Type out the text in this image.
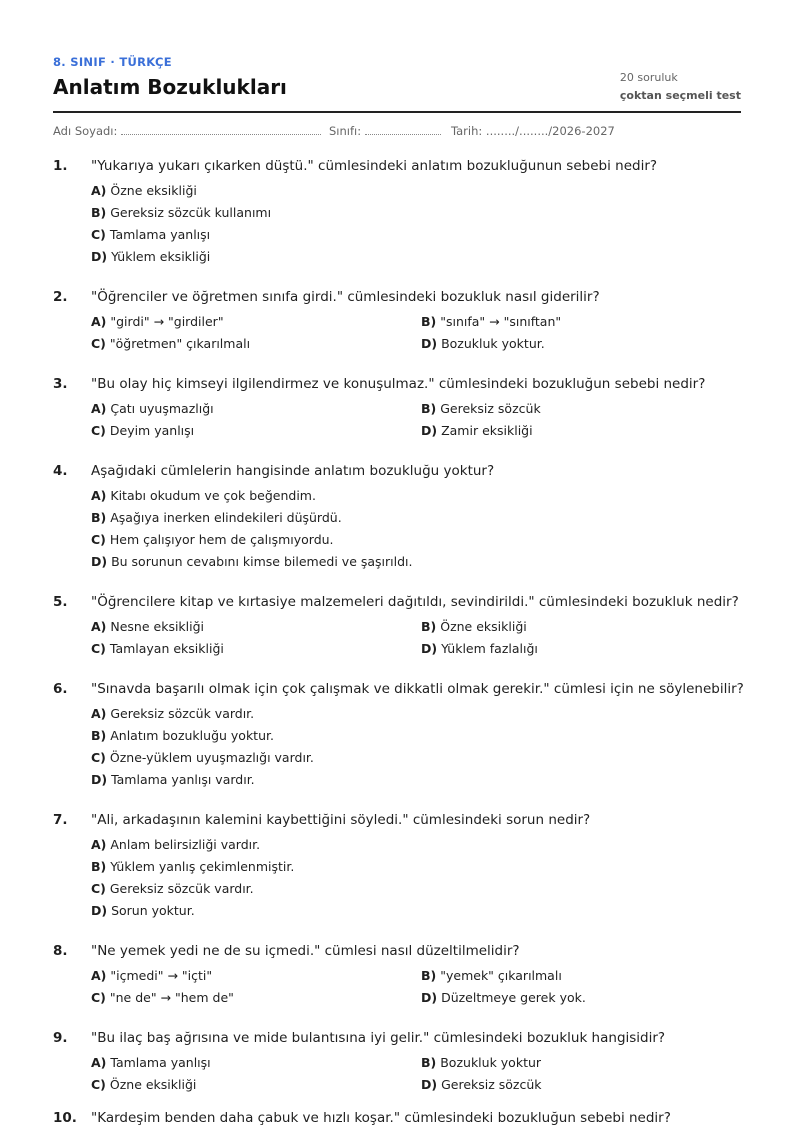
8. SINIF · TÜRKÇE
Anlatım Bozuklukları	20 soruluk
çoktan seçmeli test
Adı Soyadı:	Sınıfı:	Tarih: ......../......../2026-2027
1. "Yukarıya yukarı çıkarken düştü." cümlesindeki anlatım bozukluğunun sebebi nedir?
A) Özne eksikliği
B) Gereksiz sözcük kullanımı
C) Tamlama yanlışı
D) Yüklem eksikliği
2. "Öğrenciler ve öğretmen sınıfa girdi." cümlesindeki bozukluk nasıl giderilir?
A) "girdi" → "girdiler"	B) "sınıfa" → "sınıftan"
C) "öğretmen" çıkarılmalı	D) Bozukluk yoktur.
3. "Bu olay hiç kimseyi ilgilendirmez ve konuşulmaz." cümlesindeki bozukluğun sebebi nedir?
A) Çatı uyuşmazlığı	B) Gereksiz sözcük
C) Deyim yanlışı	D) Zamir eksikliği
4. Aşağıdaki cümlelerin hangisinde anlatım bozukluğu yoktur?
A) Kitabı okudum ve çok beğendim.
B) Aşağıya inerken elindekileri düşürdü.
C) Hem çalışıyor hem de çalışmıyordu.
D) Bu sorunun cevabını kimse bilemedi ve şaşırıldı.
5. "Öğrencilere kitap ve kırtasiye malzemeleri dağıtıldı, sevindirildi." cümlesindeki bozukluk nedir?
A) Nesne eksikliği	B) Özne eksikliği
C) Tamlayan eksikliği	D) Yüklem fazlalığı
6. "Sınavda başarılı olmak için çok çalışmak ve dikkatli olmak gerekir." cümlesi için ne söylenebilir?
A) Gereksiz sözcük vardır.
B) Anlatım bozukluğu yoktur.
C) Özne-yüklem uyuşmazlığı vardır.
D) Tamlama yanlışı vardır.
7. "Ali, arkadaşının kalemini kaybettiğini söyledi." cümlesindeki sorun nedir?
A) Anlam belirsizliği vardır.
B) Yüklem yanlış çekimlenmiştir.
C) Gereksiz sözcük vardır.
D) Sorun yoktur.
8. "Ne yemek yedi ne de su içmedi." cümlesi nasıl düzeltilmelidir?
A) "içmedi" → "içti"	B) "yemek" çıkarılmalı
C) "ne de" → "hem de"	D) Düzeltmeye gerek yok.
9. "Bu ilaç baş ağrısına ve mide bulantısına iyi gelir." cümlesindeki bozukluk hangisidir?
A) Tamlama yanlışı	B) Bozukluk yoktur
C) Özne eksikliği	D) Gereksiz sözcük
10. "Kardeşim benden daha çabuk ve hızlı koşar." cümlesindeki bozukluğun sebebi nedir?
